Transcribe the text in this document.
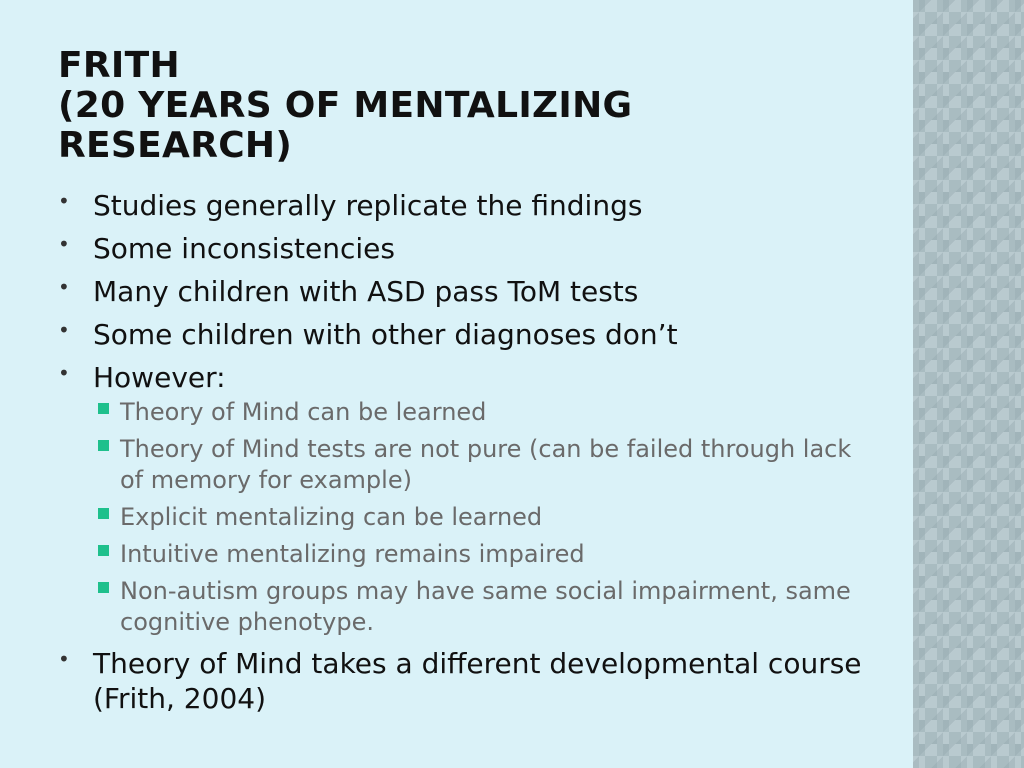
FRITH
(20 YEARS OF MENTALIZING
RESEARCH)
• Studies generally replicate the findings
• Some inconsistencies
• Many children with ASD pass ToM tests
• Some children with other diagnoses don’t
• However:
Theory of Mind can be learned
Theory of Mind tests are not pure (can be failed through lack of memory for example)
Explicit mentalizing can be learned
Intuitive mentalizing remains impaired
Non-autism groups may have same social impairment, same cognitive phenotype.
• Theory of Mind takes a different developmental course (Frith, 2004)
